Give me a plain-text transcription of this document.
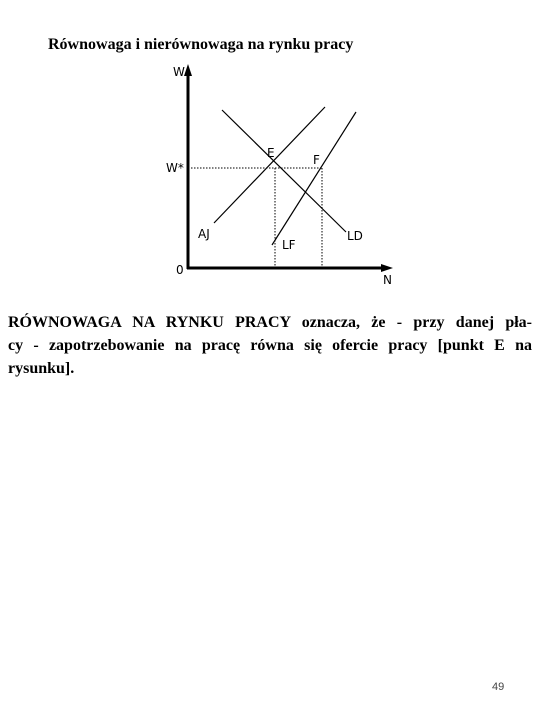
Równowaga i nierównowaga na rynku pracy
W
N
0
W*
E	F
AJ
LF
LD
RÓWNOWAGA NA RYNKU PRACY oznacza, że - przy danej pła-
cy - zapotrzebowanie na pracę równa się ofercie pracy [punkt E na
rysunku].
49
